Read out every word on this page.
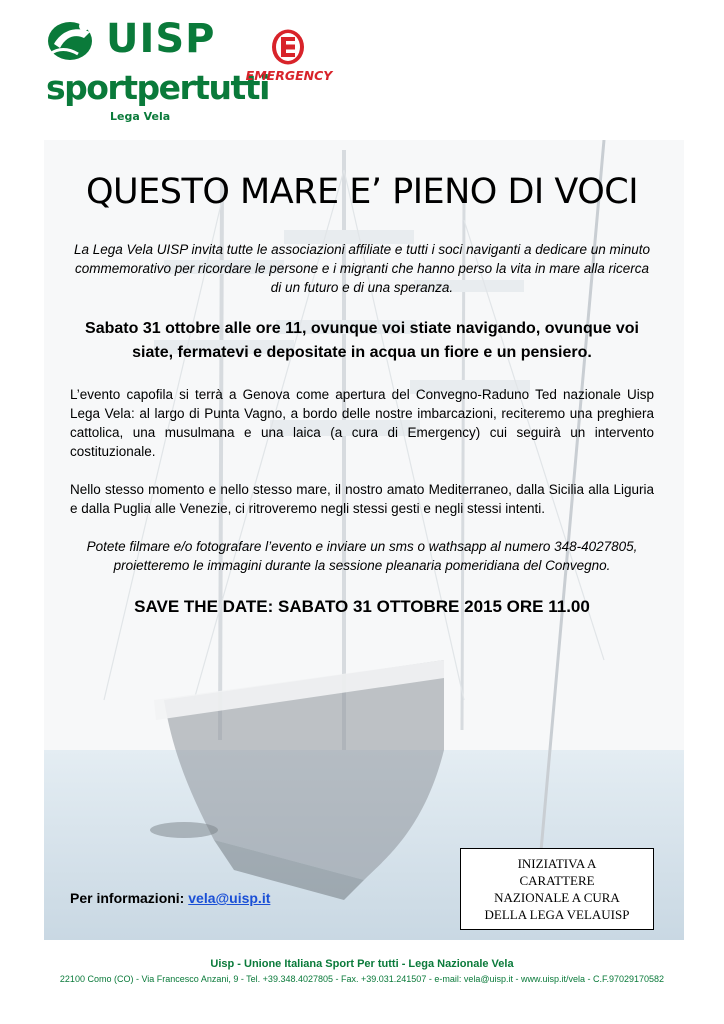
UISP
sportpertutti
Lega Vela
EMERGENCY
QUESTO MARE E’ PIENO DI VOCI

La Lega Vela UISP invita tutte le associazioni affiliate e tutti i soci naviganti a dedicare un minuto commemorativo per ricordare le persone e i migranti che hanno perso la vita in mare alla ricerca di un futuro e di una speranza.

Sabato 31 ottobre alle ore 11, ovunque voi stiate navigando, ovunque voi siate, fermatevi e depositate in acqua un fiore e un pensiero.

L’evento capofila si terrà a Genova come apertura del Convegno-Raduno Ted nazionale Uisp Lega Vela: al largo di Punta Vagno, a bordo delle nostre imbarcazioni, reciteremo una preghiera cattolica, una musulmana e una laica (a cura di Emergency) cui seguirà un intervento costituzionale.

Nello stesso momento e nello stesso mare, il nostro amato Mediterraneo, dalla Sicilia alla Liguria e dalla Puglia alle Venezie, ci ritroveremo negli stessi gesti e negli stessi intenti.

Potete filmare e/o fotografare l’evento e inviare un sms o wathsapp al numero 348-4027805, proietteremo le immagini durante la sessione pleanaria pomeridiana del Convegno.

SAVE THE DATE: SABATO 31 OTTOBRE 2015 ORE 11.00

Per informazioni: vela@uisp.it
INIZIATIVA A CARATTERE NAZIONALE A CURA DELLA LEGA VELAUISP
Uisp - Unione Italiana Sport Per tutti - Lega Nazionale Vela
22100 Como (CO) - Via Francesco Anzani, 9 - Tel. +39.348.4027805 - Fax. +39.031.241507 - e-mail: vela@uisp.it - www.uisp.it/vela - C.F.97029170582
